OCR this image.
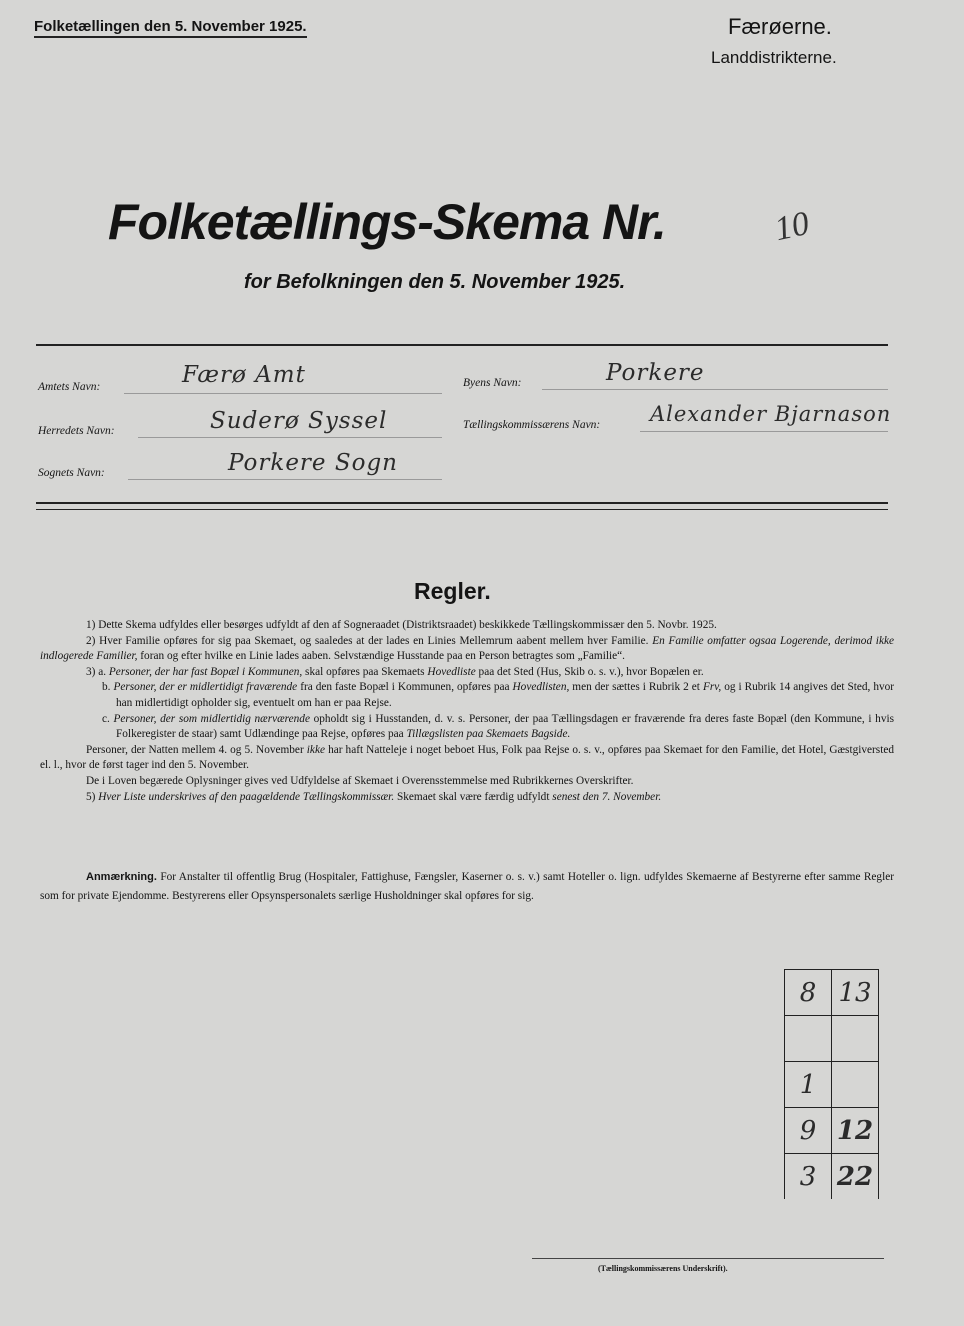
Folketællingen den 5. November 1925.	Færøerne.
Landdistrikterne.
Folketællings-Skema Nr.	10
for Befolkningen den 5. November 1925.
Amtets Navn:	Færø Amt
Herredets Navn:	Suderø Syssel
Sognets Navn:	Porkere Sogn
Byens Navn:	Porkere
Tællingskommissærens Navn: Alexander Bjarnason
Regler.

1) Dette Skema udfyldes eller besørges udfyldt af den af Sogneraadet (Distriktsraadet) beskikkede Tællingskommissær den 5. Novbr. 1925.

2) Hver Familie opføres for sig paa Skemaet, og saaledes at der lades en Linies Mellemrum aabent mellem hver Familie. En Familie omfatter ogsaa Logerende, derimod ikke indlogerede Familier, foran og efter hvilke en Linie lades aaben. Selvstændige Husstande paa en Person betragtes som „Familie“.

3) a. Personer, der har fast Bopæl i Kommunen, skal opføres paa Skemaets Hovedliste paa det Sted (Hus, Skib o. s. v.), hvor Bopælen er.

b. Personer, der er midlertidigt fraværende fra den faste Bopæl i Kommunen, opføres paa Hovedlisten, men der sættes i Rubrik 2 et Frv, og i Rubrik 14 angives det Sted, hvor han midlertidigt opholder sig, eventuelt om han er paa Rejse.

c. Personer, der som midlertidig nærværende opholdt sig i Husstanden, d. v. s. Personer, der paa Tællingsdagen er fraværende fra deres faste Bopæl (den Kommune, i hvis Folkeregister de staar) samt Udlændinge paa Rejse, opføres paa Tillægslisten paa Skemaets Bagside.

Personer, der Natten mellem 4. og 5. November ikke har haft Natteleje i noget beboet Hus, Folk paa Rejse o. s. v., opføres paa Skemaet for den Familie, det Hotel, Gæstgiversted el. l., hvor de først tager ind den 5. November.

De i Loven begærede Oplysninger gives ved Udfyldelse af Skemaet i Overensstemmelse med Rubrikkernes Overskrifter.

5) Hver Liste underskrives af den paagældende Tællingskommissær. Skemaet skal være færdig udfyldt senest den 7. November.

Anmærkning. For Anstalter til offentlig Brug (Hospitaler, Fattighuse, Fængsler, Kaserner o. s. v.) samt Hoteller o. lign. udfyldes Skemaerne af Bestyrerne efter samme Regler som for private Ejendomme. Bestyrerens eller Opsynspersonalets særlige Husholdninger skal opføres for sig.
8	13

1	
9	12
3	22
(Tællingskommissærens Underskrift).
